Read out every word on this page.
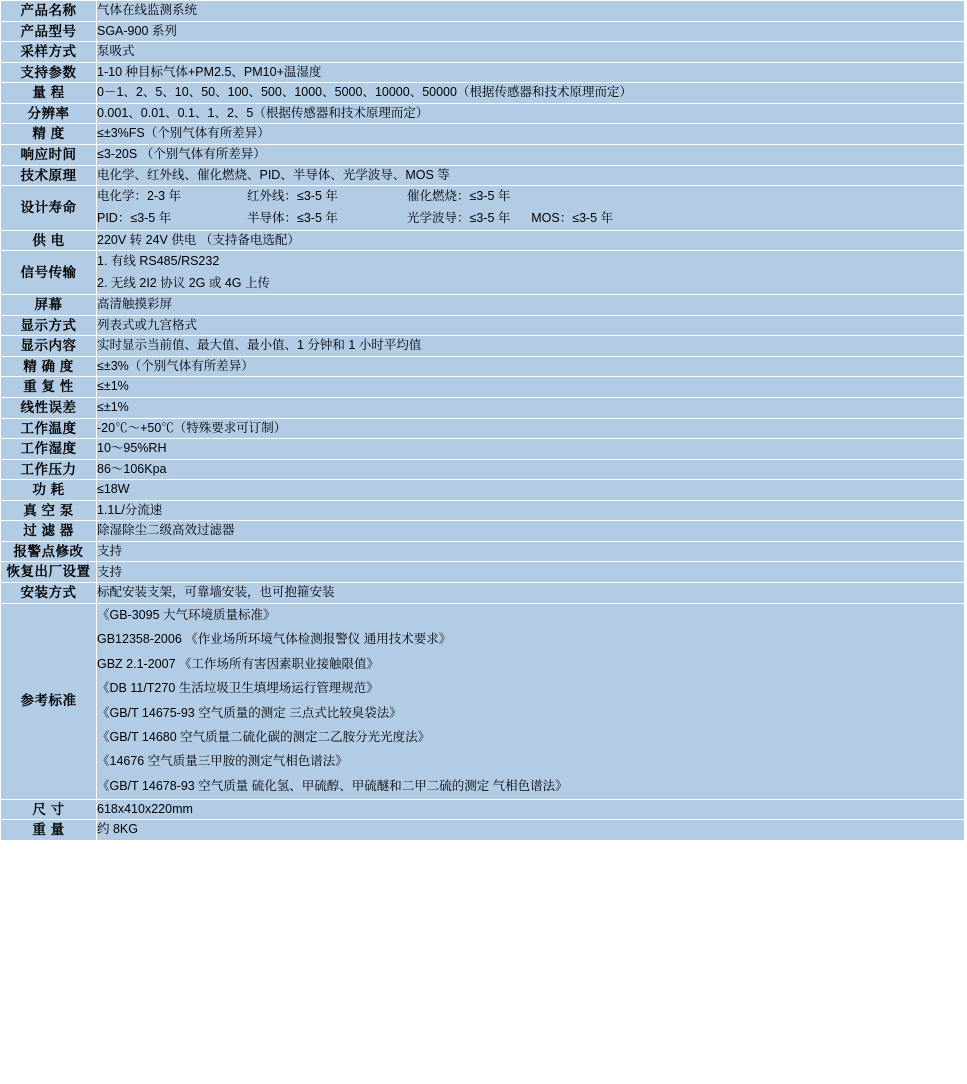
产品名称	气体在线监测系统
产品型号	SGA-900 系列
采样方式	泵吸式
支持参数	1-10 种目标气体+PM2.5、PM10+温湿度
量 程	0－1、2、5、10、50、100、500、1000、5000、10000、50000（根据传感器和技术原理而定）
分辨率	0.001、0.01、0.1、1、2、5（根据传感器和技术原理而定）
精 度	≤±3%FS（个别气体有所差异）
响应时间	≤3-20S （个别气体有所差异）
技术原理	电化学、红外线、催化燃烧、PID、半导体、光学波导、MOS 等
设计寿命	电化学：2-3 年 红外线：≤3-5 年 催化燃烧：≤3-5 年
PID：≤3-5 年 半导体：≤3-5 年 光学波导：≤3-5 年      MOS：≤3-5 年

供 电	220V 转 24V 供电 （支持备电选配）
信号传输	1. 有线 RS485/RS232
2. 无线 2I2 协议 2G 或 4G 上传

屏幕	高清触摸彩屏
显示方式	列表式或九宫格式
显示内容	实时显示当前值、最大值、最小值、1 分钟和 1 小时平均值
精 确 度	≤±3%（个别气体有所差异）
重 复 性	≤±1%
线性误差	≤±1%
工作温度	-20℃～+50℃（特殊要求可订制）
工作湿度	10～95%RH
工作压力	86～106Kpa
功 耗	≤18W
真 空 泵	1.1L/分流速
过 滤 器	除湿除尘二级高效过滤器
报警点修改	支持
恢复出厂设置	支持
安装方式	标配安装支架，可靠墙安装，也可抱箍安装
参考标准	
《GB-3095 大气环境质量标准》
GB12358-2006 《作业场所环境气体检测报警仪 通用技术要求》
GBZ 2.1-2007 《工作场所有害因素职业接触限值》
《DB 11/T270 生活垃圾卫生填埋场运行管理规范》
《GB/T 14675-93 空气质量的测定 三点式比较臭袋法》
《GB/T 14680 空气质量二硫化碳的测定二乙胺分光光度法》
《14676 空气质量三甲胺的测定气相色谱法》
《GB/T 14678-93 空气质量 硫化氢、甲硫醇、甲硫醚和二甲二硫的测定 气相色谱法》

尺 寸	618x410x220mm
重 量	约 8KG
